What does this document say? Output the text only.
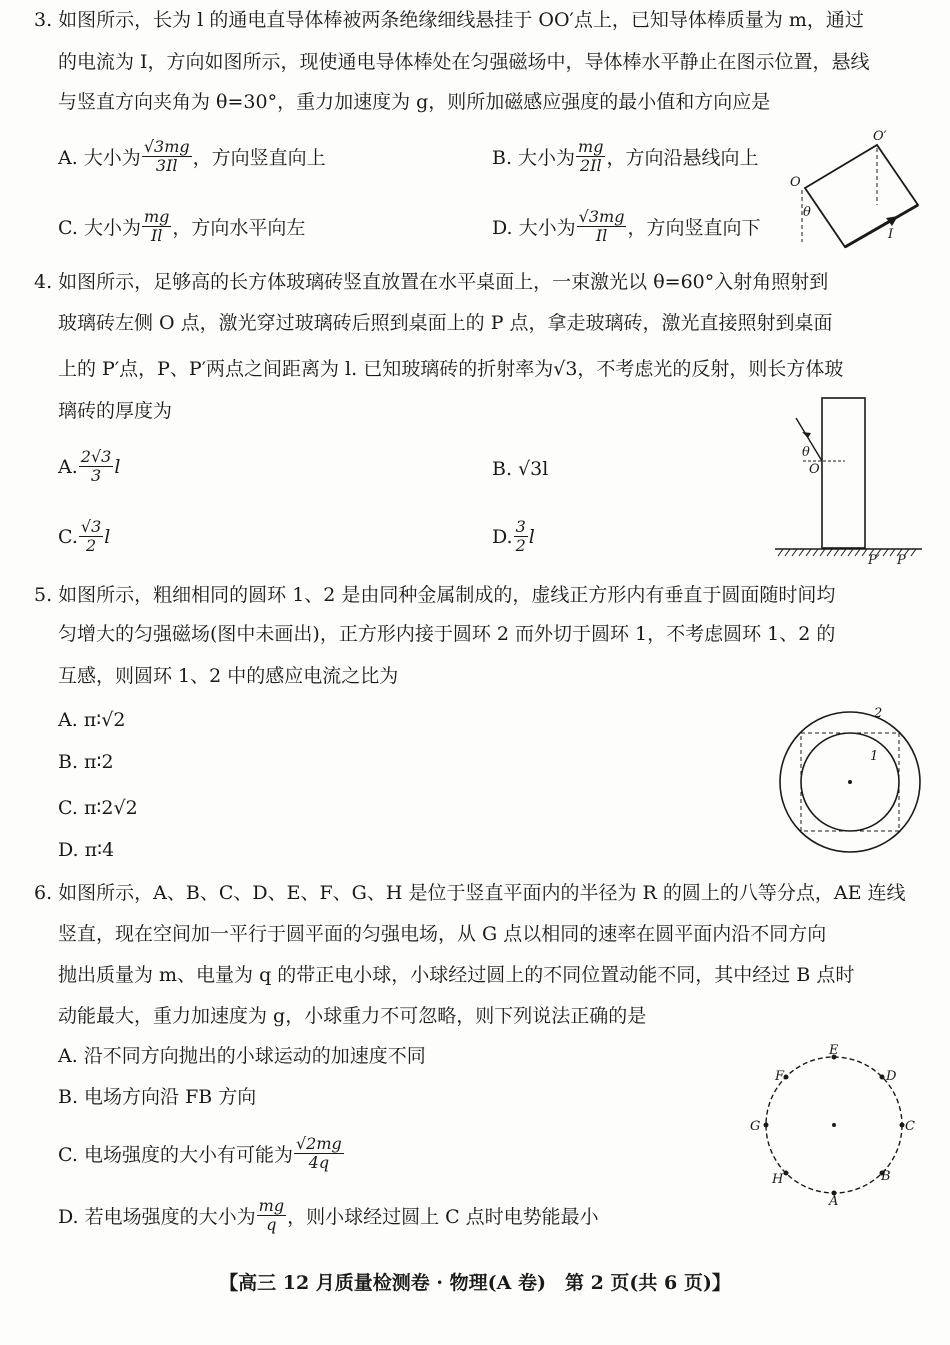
3. 如图所示，长为 l 的通电直导体棒被两条绝缘细线悬挂于 OO′点上，已知导体棒质量为 m，通过
的电流为 I，方向如图所示，现使通电导体棒处在匀强磁场中，导体棒水平静止在图示位置，悬线
与竖直方向夹角为 θ=30°，重力加速度为 g，则所加磁感应强度的最小值和方向应是
A. 大小为 $\frac{√3mg}{3Il}$ ，方向竖直向上	B. 大小为 $\frac{mg}{2Il}$ ，方向沿悬线向上
C. 大小为 $\frac{mg}{Il}$ ，方向水平向左	D. 大小为 $\frac{√3mg}{Il}$ ，方向竖直向下
O
O′
θ
I
4. 如图所示，足够高的长方体玻璃砖竖直放置在水平桌面上，一束激光以 θ=60°入射角照射到
玻璃砖左侧 O 点，激光穿过玻璃砖后照到桌面上的 P 点，拿走玻璃砖，激光直接照射到桌面
上的 P′点，P、P′两点之间距离为 l. 已知玻璃砖的折射率为√3，不考虑光的反射，则长方体玻
璃砖的厚度为
A. $\frac{2√3}{3}$ l	B. √3l
C. $\frac{√3}{2}$ l	D. $\frac{3}{2}$ l
θ
O
P′ P
5. 如图所示，粗细相同的圆环 1、2 是由同种金属制成的，虚线正方形内有垂直于圆面随时间均
匀增大的匀强磁场(图中未画出)，正方形内接于圆环 2 而外切于圆环 1，不考虑圆环 1、2 的
互感，则圆环 1、2 中的感应电流之比为
A. π∶√2
B. π∶2
C. π∶2√2
D. π∶4
2
1
6. 如图所示，A、B、C、D、E、F、G、H 是位于竖直平面内的半径为 R 的圆上的八等分点，AE 连线
竖直，现在空间加一平行于圆平面的匀强电场，从 G 点以相同的速率在圆平面内沿不同方向
抛出质量为 m、电量为 q 的带正电小球，小球经过圆上的不同位置动能不同，其中经过 B 点时
动能最大，重力加速度为 g，小球重力不可忽略，则下列说法正确的是
A. 沿不同方向抛出的小球运动的加速度不同
B. 电场方向沿 FB 方向
C. 电场强度的大小有可能为 $\frac{√2mg}{4q}$
D. 若电场强度的大小为 $\frac{mg}{q}$ ，则小球经过圆上 C 点时电势能最小
E
A
C
G
D
F
B
H
【高三 12 月质量检测卷 · 物理(A 卷)　第 2 页(共 6 页)】
